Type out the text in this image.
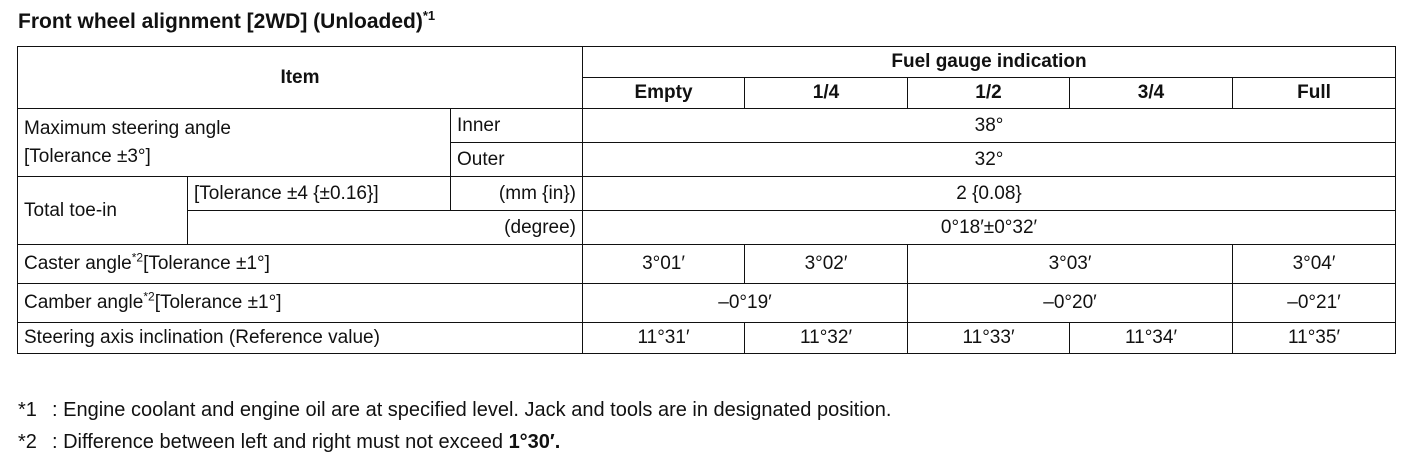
Front wheel alignment [2WD] (Unloaded)$^{*1}$
Item			Fuel gauge indication				
			Empty	1/4	1/2	3/4	Full
Maximum steering angle
[Tolerance ±3°]		Inner	38°				
		Outer	32°				
Total toe-in	[Tolerance ±4 {±0.16}]	(mm {in})	2 {0.08}				
	(degree)		0°18′±0°32′				
Caster angle$^{*2}$[Tolerance ±1°]			3°01′	3°02′	3°03′		3°04′
Camber angle$^{*2}$[Tolerance ±1°]			–0°19′		–0°20′		–0°21′
Steering axis inclination (Reference value)			11°31′	11°32′	11°33′	11°34′	11°35′
*1 : Engine coolant and engine oil are at specified level. Jack and tools are in designated position.
*2 : Difference between left and right must not exceed 1°30′.
